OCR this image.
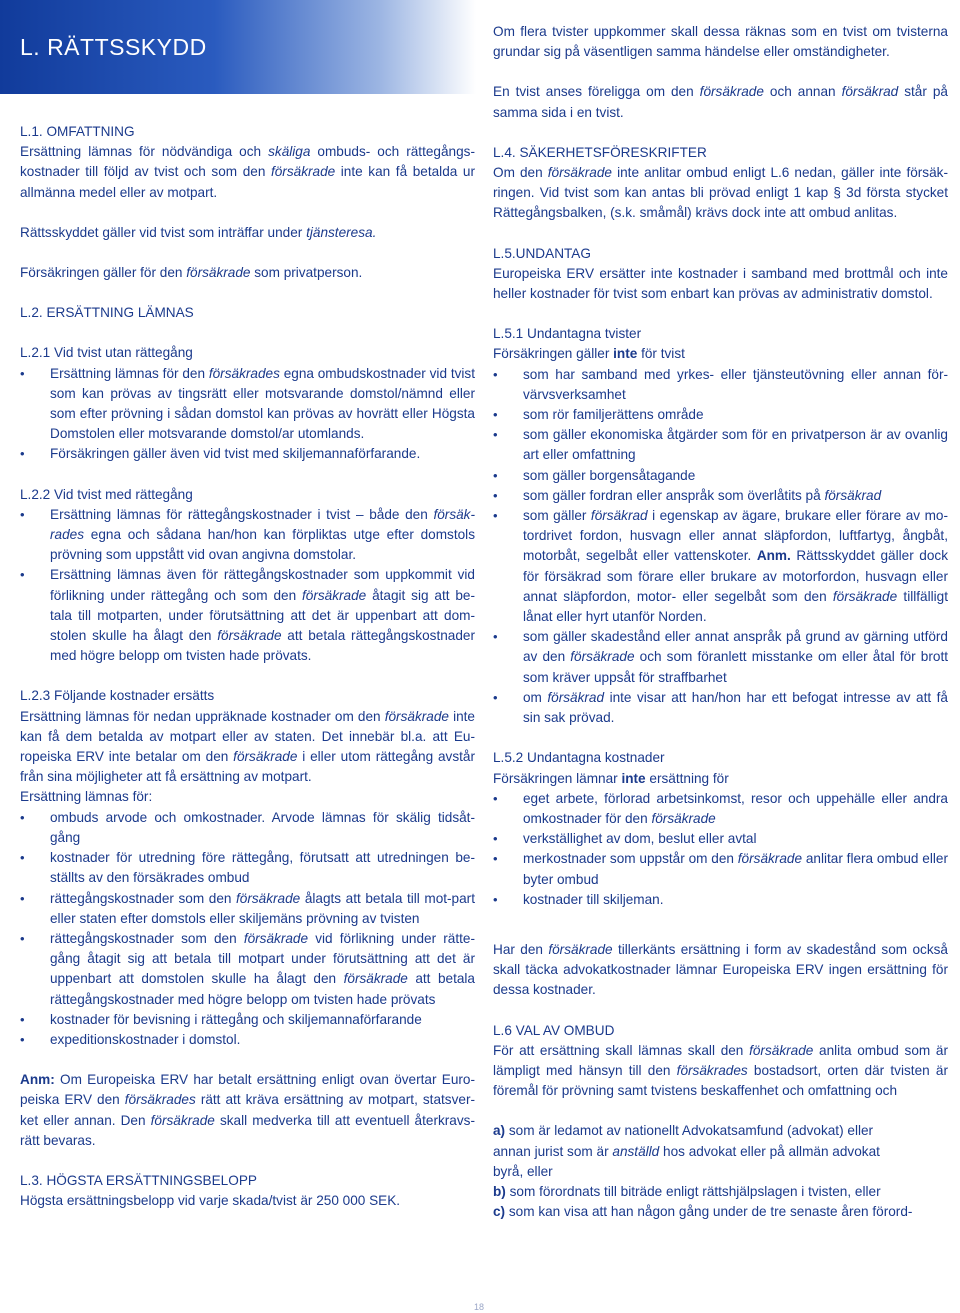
L. RÄTTSSKYDD
L.1. OMFATTNING
Ersättning lämnas för nödvändiga och skäliga ombuds- och rättegångs-kostnader till följd av tvist och som den försäkrade inte kan få betalda ur allmänna medel eller av motpart.
Rättsskyddet gäller vid tvist som inträffar under tjänsteresa.
Försäkringen gäller för den försäkrade som privatperson.
L.2. ERSÄTTNING LÄMNAS
L.2.1 Vid tvist utan rättegång
• Ersättning lämnas för den försäkrades egna ombudskostnader vid tvist som kan prövas av tingsrätt eller motsvarande domstol/nämnd eller som efter prövning i sådan domstol kan prövas av hovrätt eller Högsta Domstolen eller motsvarande domstol/ar utomlands.
• Försäkringen gäller även vid tvist med skiljemannaförfarande.
L.2.2 Vid tvist med rättegång
• Ersättning lämnas för rättegångskostnader i tvist – både den försäk-rades egna och sådana han/hon kan förpliktas utge efter domstols prövning som uppstått vid ovan angivna domstolar.
• Ersättning lämnas även för rättegångskostnader som uppkommit vid förlikning under rättegång och som den försäkrade åtagit sig att be-tala till motparten, under förutsättning att det är uppenbart att dom-stolen skulle ha ålagt den försäkrade att betala rättegångskostnader med högre belopp om tvisten hade prövats.
L.2.3 Följande kostnader ersätts
Ersättning lämnas för nedan uppräknade kostnader om den försäkrade inte kan få dem betalda av motpart eller av staten. Det innebär bl.a. att Eu-ropeiska ERV inte betalar om den försäkrade i eller utom rättegång avstår från sina möjligheter att få ersättning av motpart.
Ersättning lämnas för:
• ombuds arvode och omkostnader. Arvode lämnas för skälig tidsåt-gång
• kostnader för utredning före rättegång, förutsatt att utredningen be-ställts av den försäkrades ombud
• rättegångskostnader som den försäkrade ålagts att betala till mot-part eller staten efter domstols eller skiljemäns prövning av tvisten
• rättegångskostnader som den försäkrade vid förlikning under rätte-gång åtagit sig att betala till motpart under förutsättning att det är uppenbart att domstolen skulle ha ålagt den försäkrade att betala rättegångskostnader med högre belopp om tvisten hade prövats
• kostnader för bevisning i rättegång och skiljemannaförfarande
• expeditionskostnader i domstol.
Anm: Om Europeiska ERV har betalt ersättning enligt ovan övertar Euro-peiska ERV den försäkrades rätt att kräva ersättning av motpart, statsver-ket eller annan. Den försäkrade skall medverka till att eventuell återkravs-rätt bevaras.
L.3. HÖGSTA ERSÄTTNINGSBELOPP
Högsta ersättningsbelopp vid varje skada/tvist är 250 000 SEK.
Om flera tvister uppkommer skall dessa räknas som en tvist om tvisterna grundar sig på väsentligen samma händelse eller omständigheter.
En tvist anses föreligga om den försäkrade och annan försäkrad står på samma sida i en tvist.
L.4. SÄKERHETSFÖRESKRIFTER
Om den försäkrade inte anlitar ombud enligt L.6 nedan, gäller inte försäk-ringen. Vid tvist som kan antas bli prövad enligt 1 kap § 3d första stycket Rättegångsbalken, (s.k. småmål) krävs dock inte att ombud anlitas.
L.5.UNDANTAG
Europeiska ERV ersätter inte kostnader i samband med brottmål och inte heller kostnader för tvist som enbart kan prövas av administrativ domstol.
L.5.1 Undantagna tvister
Försäkringen gäller inte för tvist
• som har samband med yrkes- eller tjänsteutövning eller annan för-värvsverksamhet
• som rör familjerättens område
• som gäller ekonomiska åtgärder som för en privatperson är av ovanlig art eller omfattning
• som gäller borgensåtagande
• som gäller fordran eller anspråk som överlåtits på försäkrad
• som gäller försäkrad i egenskap av ägare, brukare eller förare av mo-tordrivet fordon, husvagn eller annat släpfordon, luftfartyg, ångbåt, motorbåt, segelbåt eller vattenskoter. Anm. Rättsskyddet gäller dock för försäkrad som förare eller brukare av motorfordon, husvagn eller annat släpfordon, motor- eller segelbåt som den försäkrade tillfälligt lånat eller hyrt utanför Norden.
• som gäller skadestånd eller annat anspråk på grund av gärning utförd av den försäkrade och som föranlett misstanke om eller åtal för brott som kräver uppsåt för straffbarhet
• om försäkrad inte visar att han/hon har ett befogat intresse av att få sin sak prövad.
L.5.2 Undantagna kostnader
Försäkringen lämnar inte ersättning för
• eget arbete, förlorad arbetsinkomst, resor och uppehälle eller andra omkostnader för den försäkrade
• verkställighet av dom, beslut eller avtal
• merkostnader som uppstår om den försäkrade anlitar flera ombud eller byter ombud
• kostnader till skiljeman.
Har den försäkrade tillerkänts ersättning i form av skadestånd som också skall täcka advokatkostnader lämnar Europeiska ERV ingen ersättning för dessa kostnader.
L.6 VAL AV OMBUD
För att ersättning skall lämnas skall den försäkrade anlita ombud som är lämpligt med hänsyn till den försäkrades bostadsort, orten där tvisten är föremål för prövning samt tvistens beskaffenhet och omfattning och
a) som är ledamot av nationellt Advokatsamfund (advokat) eller annan jurist som är anställd hos advokat eller på allmän advokat byrå, eller
b) som förordnats till biträde enligt rättshjälpslagen i tvisten, eller
c) som kan visa att han någon gång under de tre senaste åren förord-
18
